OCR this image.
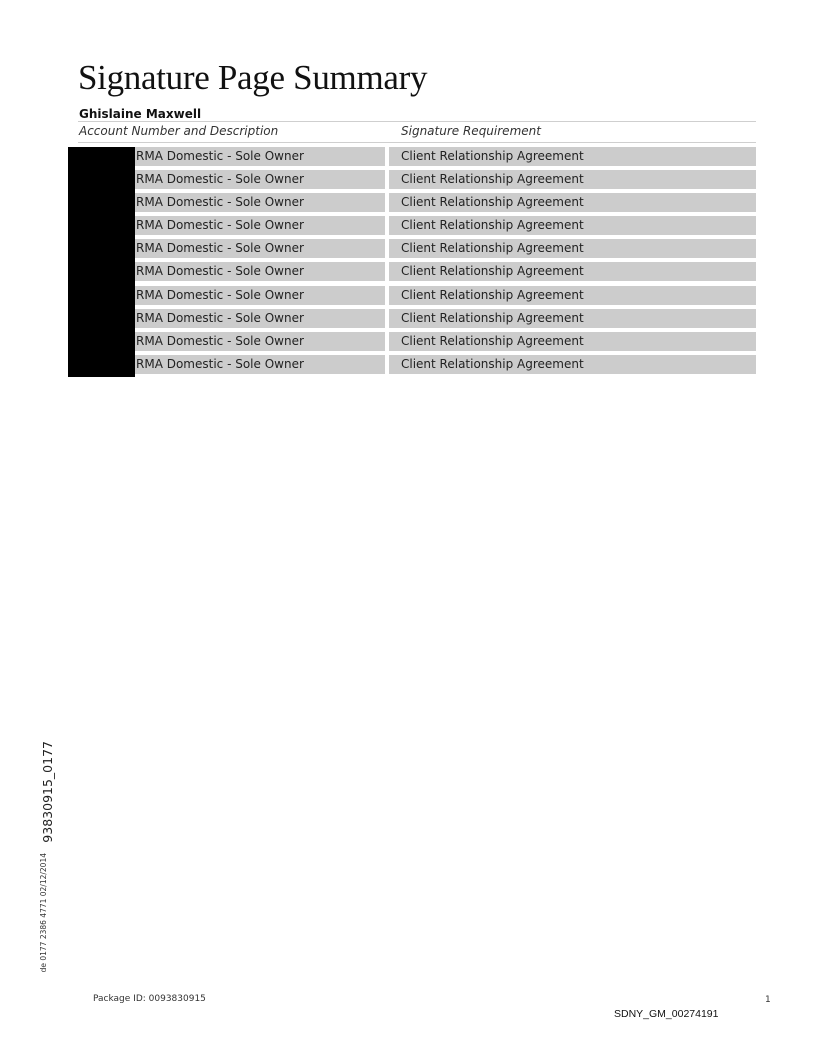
Signature Page Summary
Ghislaine Maxwell
Account Number and Description	Signature Requirement
RMA Domestic - Sole Owner	Client Relationship Agreement
RMA Domestic - Sole Owner	Client Relationship Agreement
RMA Domestic - Sole Owner	Client Relationship Agreement
RMA Domestic - Sole Owner	Client Relationship Agreement
RMA Domestic - Sole Owner	Client Relationship Agreement
RMA Domestic - Sole Owner	Client Relationship Agreement
RMA Domestic - Sole Owner	Client Relationship Agreement
RMA Domestic - Sole Owner	Client Relationship Agreement
RMA Domestic - Sole Owner	Client Relationship Agreement
RMA Domestic - Sole Owner	Client Relationship Agreement
93830915_0177
de 0177 2386 4771 02/12/2014
Package ID: 0093830915	1
SDNY_GM_00274191
